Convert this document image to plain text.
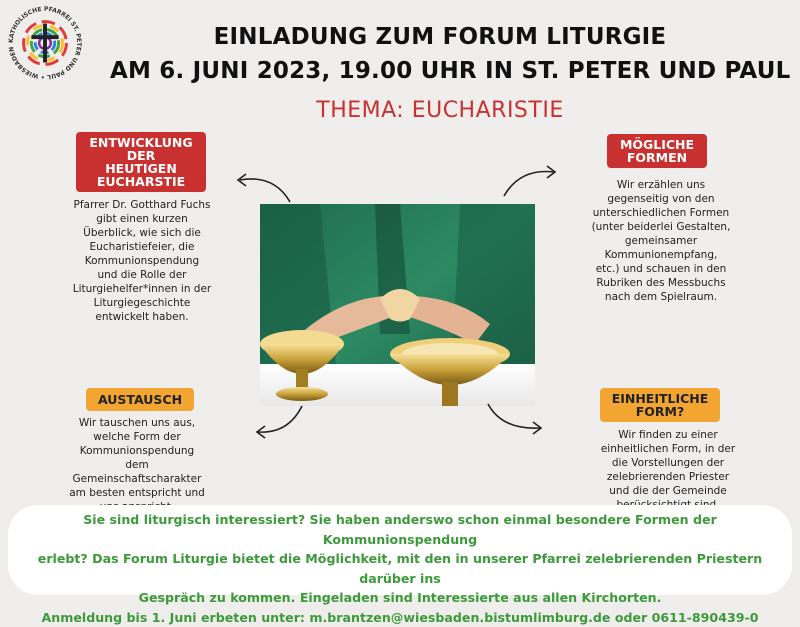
KATHOLISCHE PFARREI ST. PETER UND PAUL • WIESBADEN	EINLADUNG ZUM FORUM LITURGIE
AM 6. JUNI 2023, 19.00 UHR IN ST. PETER UND PAUL
THEMA: EUCHARISTIE
ENTWICKLUNG
DER
HEUTIGEN
EUCHARSTIE
Pfarrer Dr. Gotthard Fuchs
gibt einen kurzen
Überblick, wie sich die
Eucharistiefeier, die
Kommunionspendung
und die Rolle der
Liturgiehelfer*innen in der
Liturgiegeschichte
entwickelt haben.
MÖGLICHE
FORMEN
Wir erzählen uns
gegenseitig von den
unterschiedlichen Formen
(unter beiderlei Gestalten,
gemeinsamer
Kommunionempfang,
etc.) und schauen in den
Rubriken des Messbuchs
nach dem Spielraum.
AUSTAUSCH
Wir tauschen uns aus,
welche Form der
Kommunionspendung
dem
Gemeinschaftscharakter
am besten entspricht und
EINHEITLICHE
FORM?
Wir finden zu einer
einheitlichen Form, in der
die Vorstellungen der
zelebrierenden Priester
und die der Gemeinde
Sie sind liturgisch interessiert? Sie haben anderswo schon einmal besondere Formen der Kommunionspendung
erlebt? Das Forum Liturgie bietet die Möglichkeit, mit den in unserer Pfarrei zelebrierenden Priestern darüber ins
Gespräch zu kommen. Eingeladen sind Interessierte aus allen Kirchorten.
Anmeldung bis 1. Juni erbeten unter: m.brantzen@wiesbaden.bistumlimburg.de oder 0611-890439-0
